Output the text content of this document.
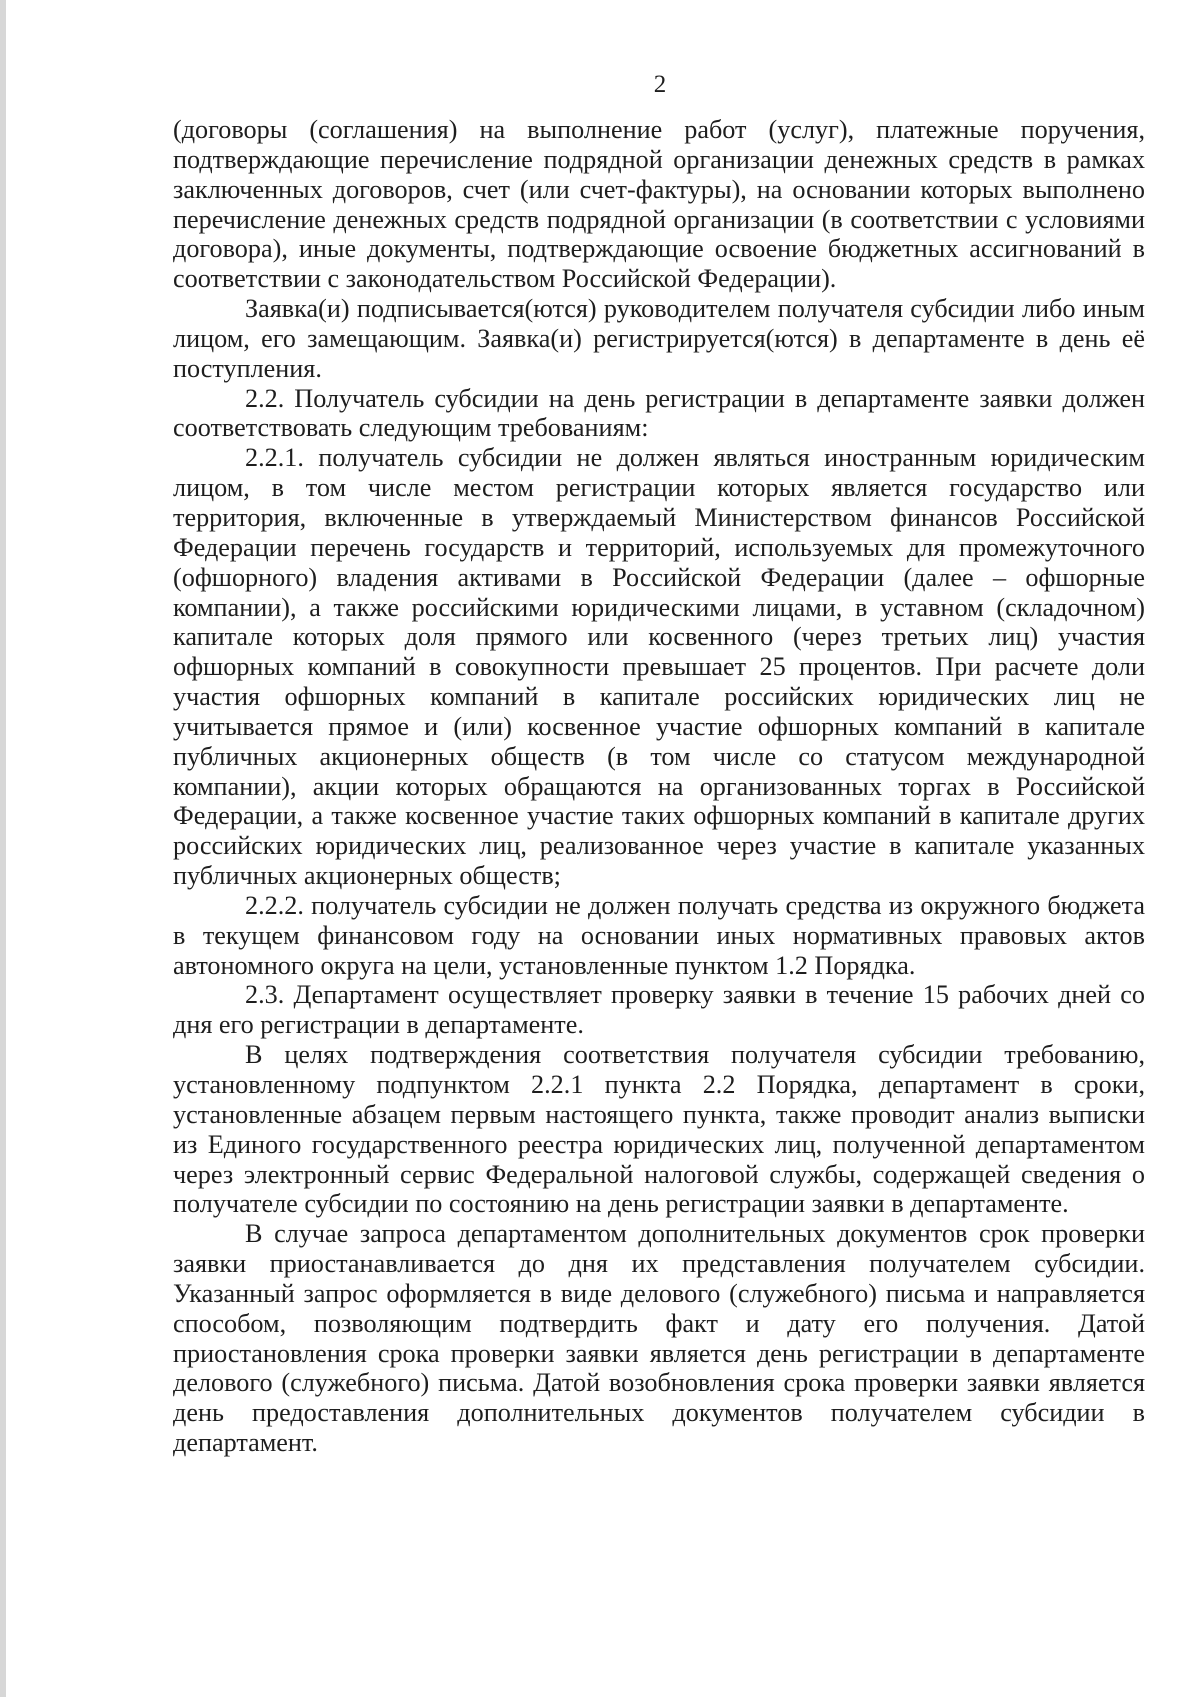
2

(договоры (соглашения) на выполнение работ (услуг), платежные поручения, подтверждающие перечисление подрядной организации денежных средств в рамках заключенных договоров, счет (или счет-фактуры), на основании которых выполнено перечисление денежных средств подрядной организации (в соответствии с условиями договора), иные документы, подтверждающие освоение бюджетных ассигнований в соответствии с законодательством Российской Федерации).

Заявка(и) подписывается(ются) руководителем получателя субсидии либо иным лицом, его замещающим. Заявка(и) регистрируется(ются) в департаменте в день её поступления.

2.2. Получатель субсидии на день регистрации в департаменте заявки должен соответствовать следующим требованиям:

2.2.1. получатель субсидии не должен являться иностранным юридическим лицом, в том числе местом регистрации которых является государство или территория, включенные в утверждаемый Министерством финансов Российской Федерации перечень государств и территорий, используемых для промежуточного (офшорного) владения активами в Российской Федерации (далее – офшорные компании), а также российскими юридическими лицами, в уставном (складочном) капитале которых доля прямого или косвенного (через третьих лиц) участия офшорных компаний в совокупности превышает 25 процентов. При расчете доли участия офшорных компаний в капитале российских юридических лиц не учитывается прямое и (или) косвенное участие офшорных компаний в капитале публичных акционерных обществ (в том числе со статусом международной компании), акции которых обращаются на организованных торгах в Российской Федерации, а также косвенное участие таких офшорных компаний в капитале других российских юридических лиц, реализованное через участие в капитале указанных публичных акционерных обществ;

2.2.2. получатель субсидии не должен получать средства из окружного бюджета в текущем финансовом году на основании иных нормативных правовых актов автономного округа на цели, установленные пунктом 1.2 Порядка.

2.3. Департамент осуществляет проверку заявки в течение 15 рабочих дней со дня его регистрации в департаменте.

В целях подтверждения соответствия получателя субсидии требованию, установленному подпунктом 2.2.1 пункта 2.2 Порядка, департамент в сроки, установленные абзацем первым настоящего пункта, также проводит анализ выписки из Единого государственного реестра юридических лиц, полученной департаментом через электронный сервис Федеральной налоговой службы, содержащей сведения о получателе субсидии по состоянию на день регистрации заявки в департаменте.

В случае запроса департаментом дополнительных документов срок проверки заявки приостанавливается до дня их представления получателем субсидии. Указанный запрос оформляется в виде делового (служебного) письма и направляется способом, позволяющим подтвердить факт и дату его получения. Датой приостановления срока проверки заявки является день регистрации в департаменте делового (служебного) письма. Датой возобновления срока проверки заявки является день предоставления дополнительных документов получателем субсидии в департамент.
